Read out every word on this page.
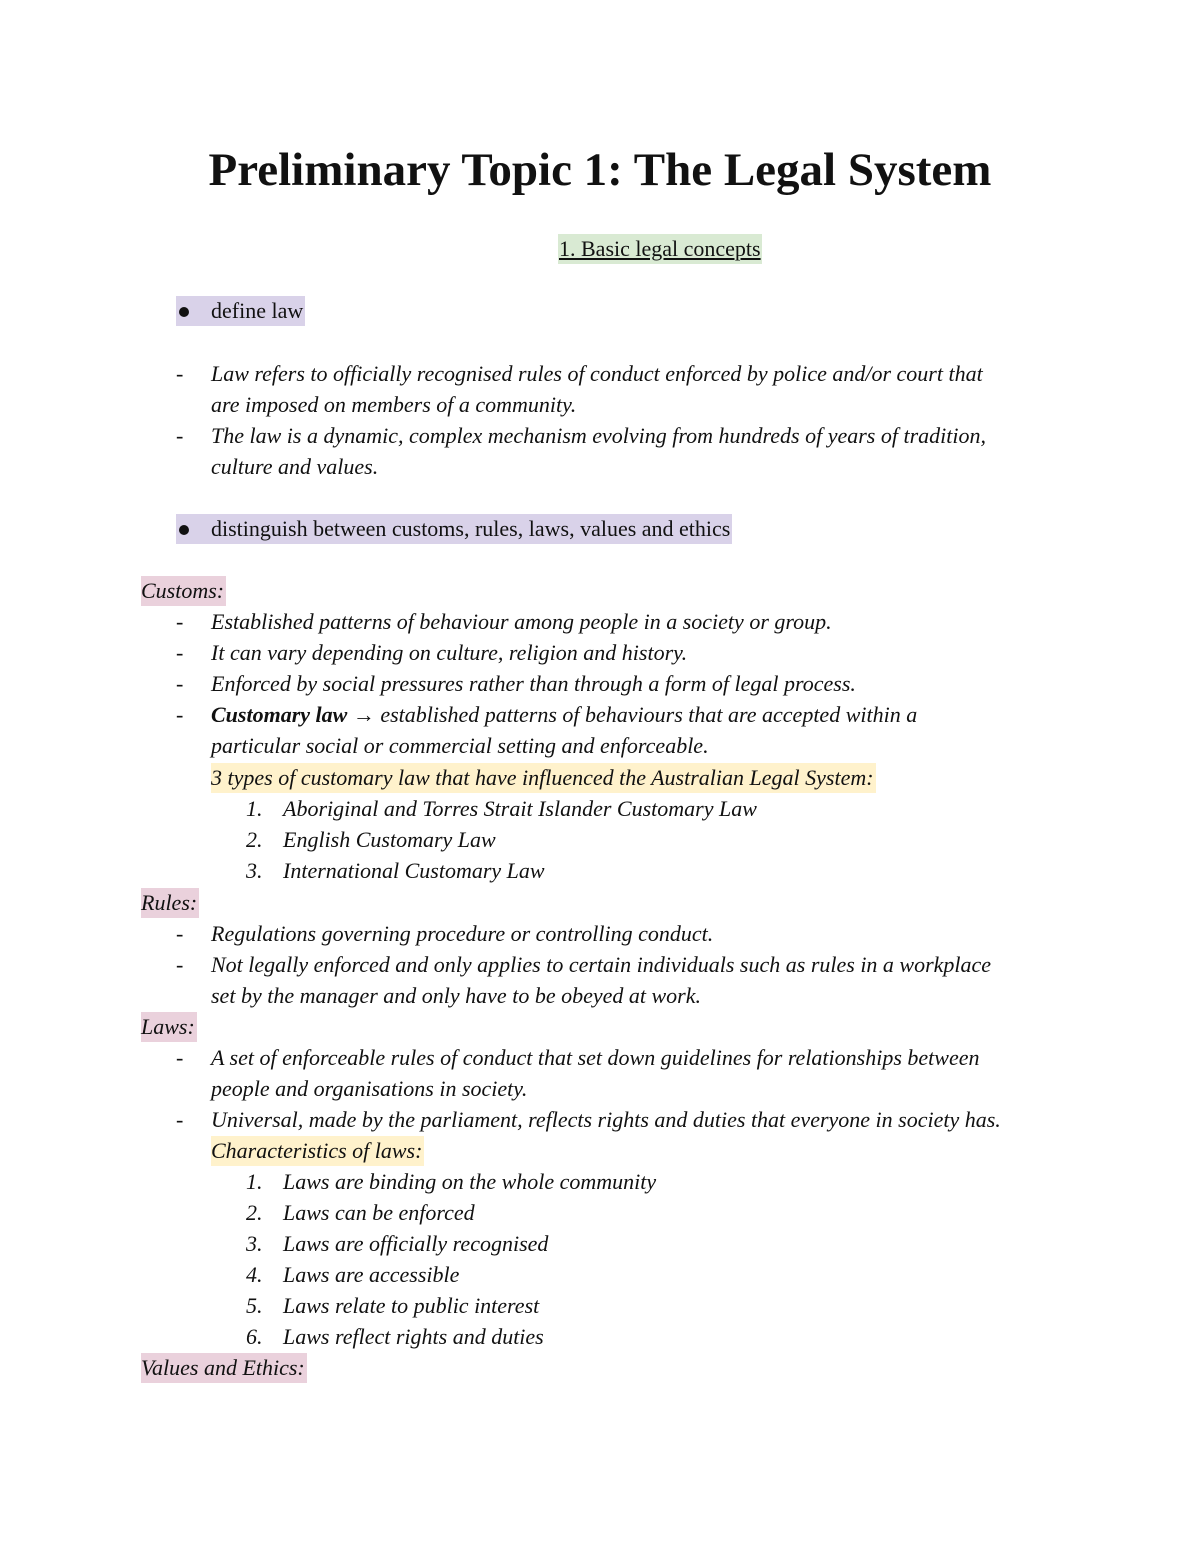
Preliminary Topic 1: The Legal System
1. Basic legal concepts
define law
- Law refers to officially recognised rules of conduct enforced by police and/or court that
are imposed on members of a community.
- The law is a dynamic, complex mechanism evolving from hundreds of years of tradition,
culture and values.
distinguish between customs, rules, laws, values and ethics
Customs:
- Established patterns of behaviour among people in a society or group.
- It can vary depending on culture, religion and history.
- Enforced by social pressures rather than through a form of legal process.
- Customary law → established patterns of behaviours that are accepted within a
particular social or commercial setting and enforceable.
3 types of customary law that have influenced the Australian Legal System:
1. Aboriginal and Torres Strait Islander Customary Law
2. English Customary Law
3. International Customary Law
Rules:
- Regulations governing procedure or controlling conduct.
- Not legally enforced and only applies to certain individuals such as rules in a workplace
set by the manager and only have to be obeyed at work.
Laws:
- A set of enforceable rules of conduct that set down guidelines for relationships between
people and organisations in society.
- Universal, made by the parliament, reflects rights and duties that everyone in society has.
Characteristics of laws:
1. Laws are binding on the whole community
2. Laws can be enforced
3. Laws are officially recognised
4. Laws are accessible
5. Laws relate to public interest
6. Laws reflect rights and duties
Values and Ethics:
